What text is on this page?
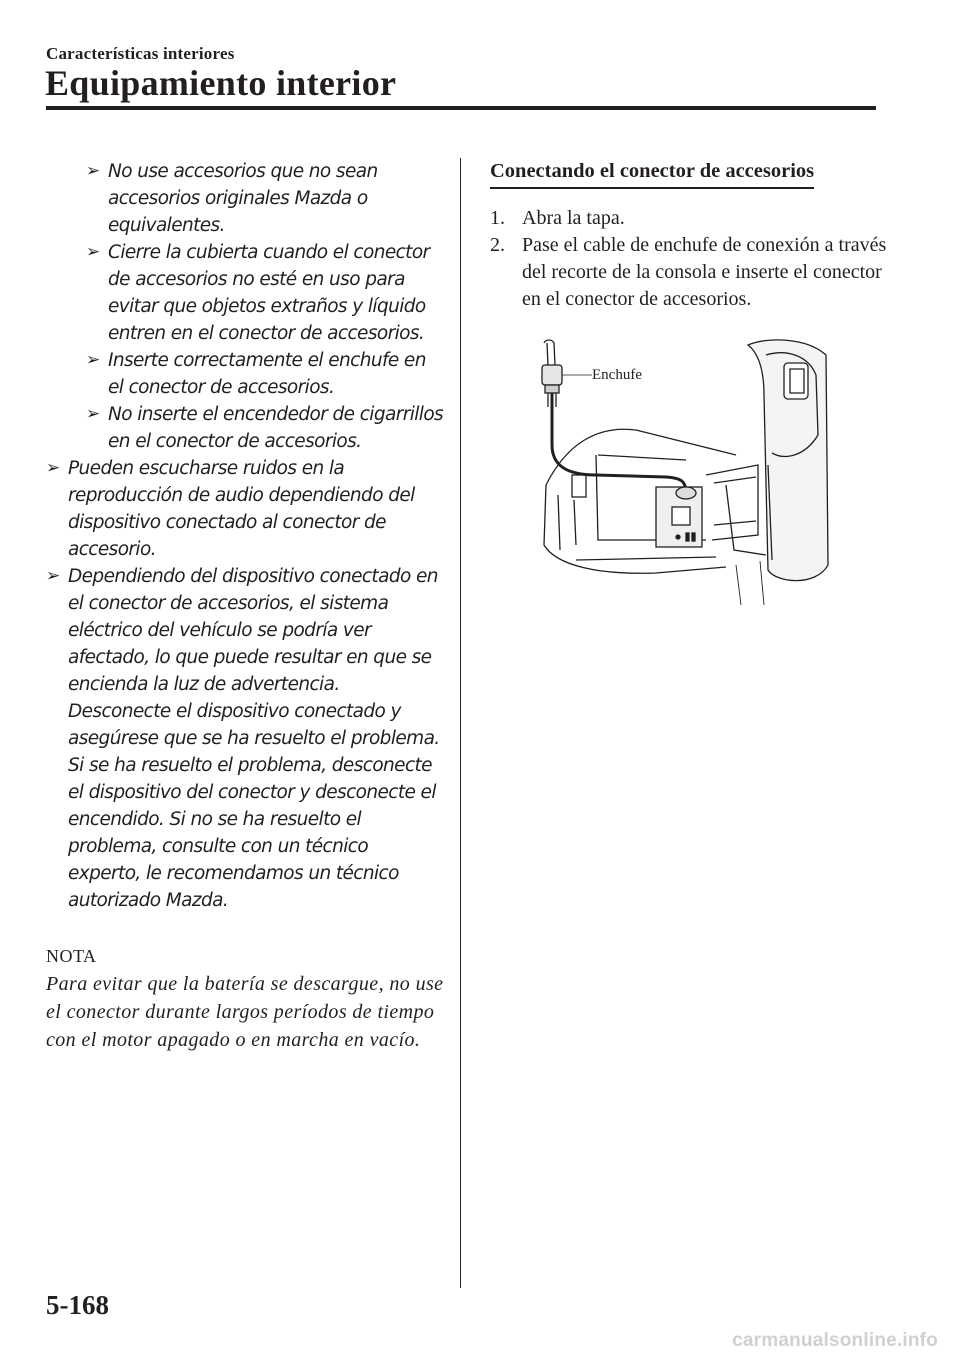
Características interiores
Equipamiento interior
➢ No use accesorios que no sean accesorios originales Mazda o equivalentes.
➢ Cierre la cubierta cuando el conector de accesorios no esté en uso para evitar que objetos extraños y líquido entren en el conector de accesorios.
➢ Inserte correctamente el enchufe en el conector de accesorios.
➢ No inserte el encendedor de cigarrillos en el conector de accesorios.
➢ Pueden escucharse ruidos en la reproducción de audio dependiendo del dispositivo conectado al conector de accesorio.
➢ Dependiendo del dispositivo conectado en el conector de accesorios, el sistema eléctrico del vehículo se podría ver afectado, lo que puede resultar en que se encienda la luz de advertencia. Desconecte el dispositivo conectado y asegúrese que se ha resuelto el problema. Si se ha resuelto el problema, desconecte el dispositivo del conector y desconecte el encendido. Si no se ha resuelto el problema, consulte con un técnico experto, le recomendamos un técnico autorizado Mazda.
NOTA
Para evitar que la batería se descargue, no use el conector durante largos períodos de tiempo con el motor apagado o en marcha en vacío.
Conectando el conector de accesorios
1. Abra la tapa.
2. Pase el cable de enchufe de conexión a través del recorte de la consola e inserte el conector en el conector de accesorios.
Enchufe
5-168
carmanualsonline.info
